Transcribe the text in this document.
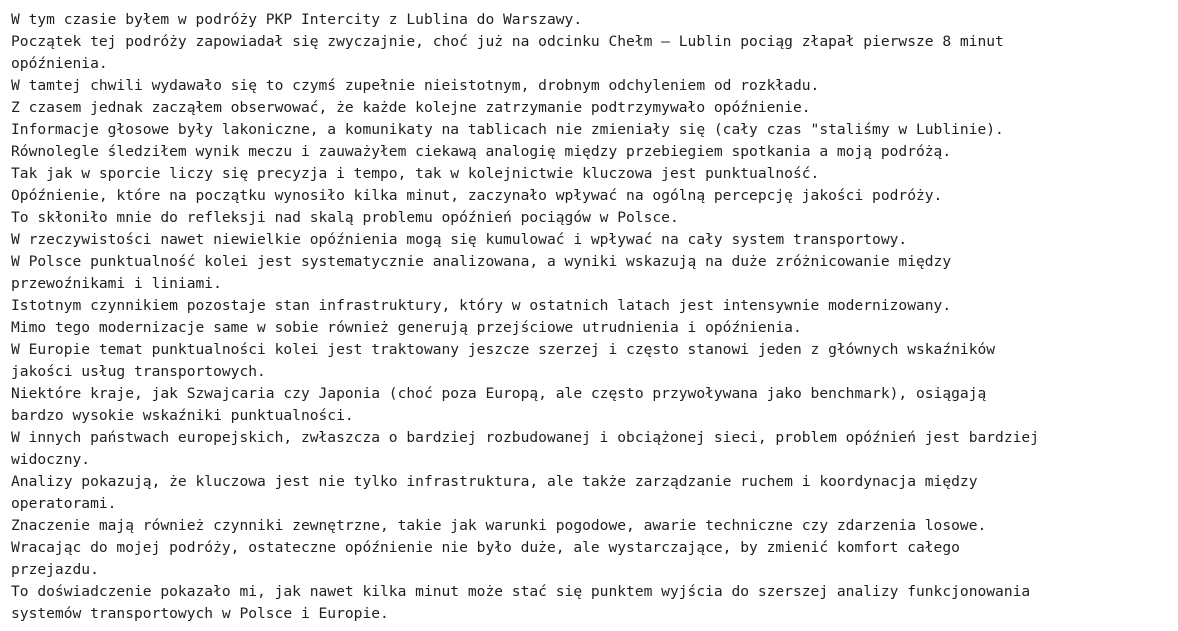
W tym czasie byłem w podróży PKP Intercity z Lublina do Warszawy.

Początek tej podróży zapowiadał się zwyczajnie, choć już na odcinku Chełm – Lublin pociąg złapał pierwsze 8 minut

opóźnienia.

W tamtej chwili wydawało się to czymś zupełnie nieistotnym, drobnym odchyleniem od rozkładu.

Z czasem jednak zacząłem obserwować, że każde kolejne zatrzymanie podtrzymywało opóźnienie.

Informacje głosowe były lakoniczne, a komunikaty na tablicach nie zmieniały się (cały czas "staliśmy w Lublinie).

Równolegle śledziłem wynik meczu i zauważyłem ciekawą analogię między przebiegiem spotkania a moją podróżą.

Tak jak w sporcie liczy się precyzja i tempo, tak w kolejnictwie kluczowa jest punktualność.

Opóźnienie, które na początku wynosiło kilka minut, zaczynało wpływać na ogólną percepcję jakości podróży.

To skłoniło mnie do refleksji nad skalą problemu opóźnień pociągów w Polsce.

W rzeczywistości nawet niewielkie opóźnienia mogą się kumulować i wpływać na cały system transportowy.

W Polsce punktualność kolei jest systematycznie analizowana, a wyniki wskazują na duże zróżnicowanie między

przewoźnikami i liniami.

Istotnym czynnikiem pozostaje stan infrastruktury, który w ostatnich latach jest intensywnie modernizowany.

Mimo tego modernizacje same w sobie również generują przejściowe utrudnienia i opóźnienia.

W Europie temat punktualności kolei jest traktowany jeszcze szerzej i często stanowi jeden z głównych wskaźników

jakości usług transportowych.

Niektóre kraje, jak Szwajcaria czy Japonia (choć poza Europą, ale często przywoływana jako benchmark), osiągają

bardzo wysokie wskaźniki punktualności.

W innych państwach europejskich, zwłaszcza o bardziej rozbudowanej i obciążonej sieci, problem opóźnień jest bardziej

widoczny.

Analizy pokazują, że kluczowa jest nie tylko infrastruktura, ale także zarządzanie ruchem i koordynacja między

operatorami.

Znaczenie mają również czynniki zewnętrzne, takie jak warunki pogodowe, awarie techniczne czy zdarzenia losowe.

Wracając do mojej podróży, ostateczne opóźnienie nie było duże, ale wystarczające, by zmienić komfort całego

przejazdu.

To doświadczenie pokazało mi, jak nawet kilka minut może stać się punktem wyjścia do szerszej analizy funkcjonowania

systemów transportowych w Polsce i Europie.
